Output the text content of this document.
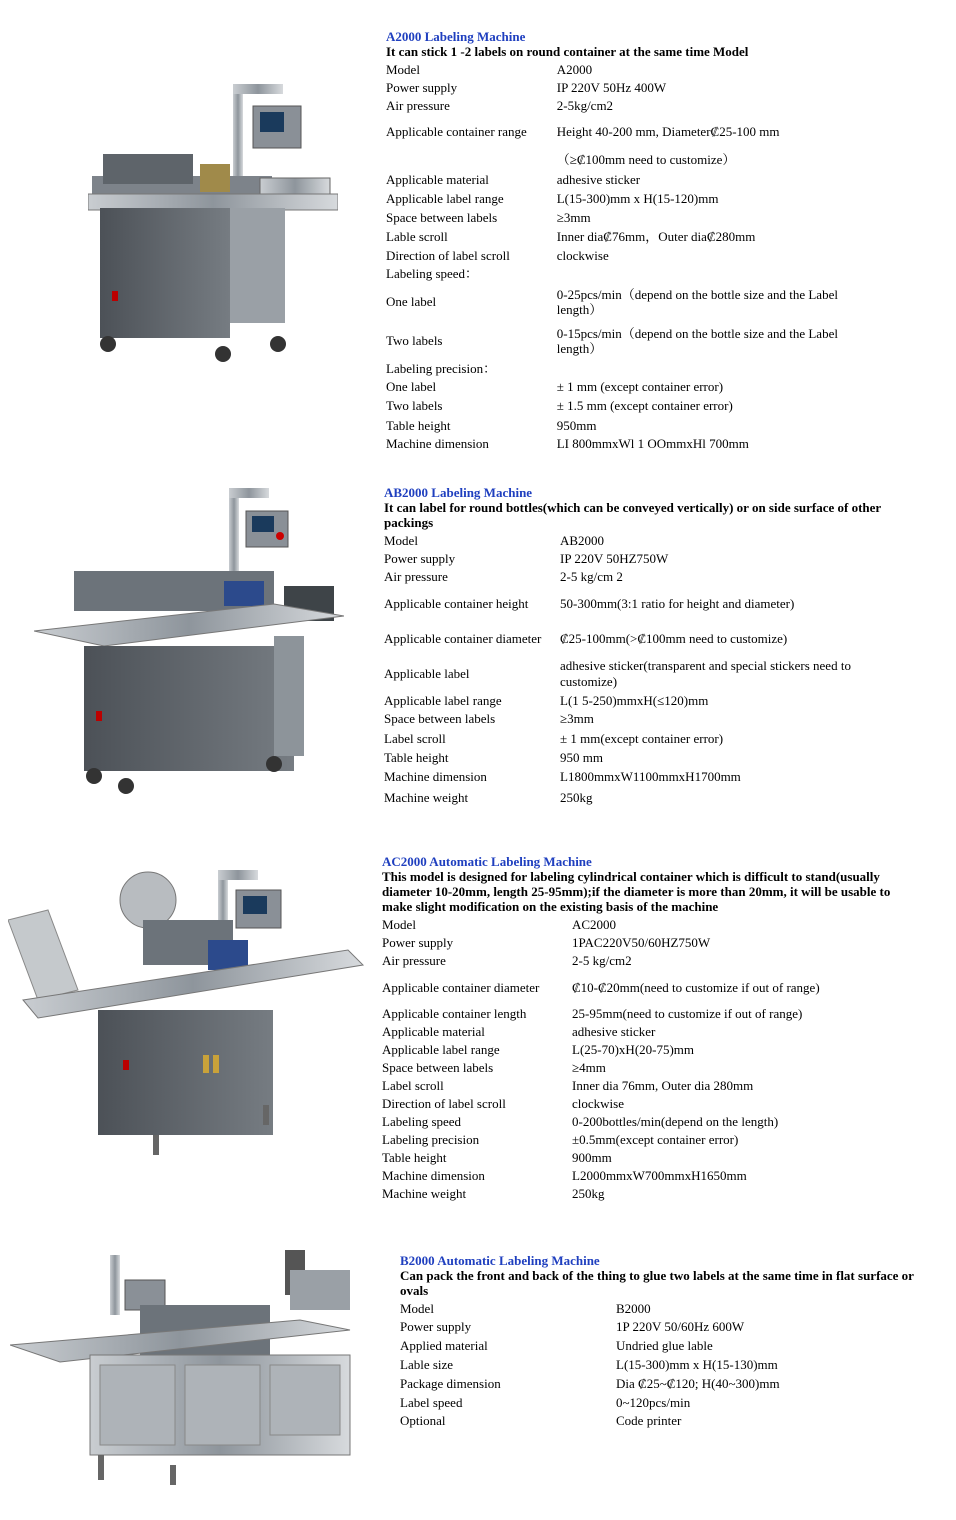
A2000 Labeling Machine
It can stick 1 -2 labels on round container at the same time Model
Model	A2000
Power supply	IP 220V 50Hz 400W
Air pressure	2-5kg/cm2
Applicable container range	Height 40-200 mm, Diameter₡25-100 mm
	（≥₡100mm need to customize）
Applicable material	adhesive sticker
Applicable label range	L(15-300)mm x H(15-120)mm
Space between labels	≥3mm
Lable scroll	Inner dia₡76mm，Outer dia₡280mm
Direction of label scroll	clockwise
Labeling speed：	
One label	0-25pcs/min（depend on the bottle size and the Label length）
Two labels	0-15pcs/min（depend on the bottle size and the Label length）
Labeling precision：	
One label	± 1 mm (except container error)
Two labels	± 1.5 mm (except container error)
Table height	950mm
Machine dimension	LI 800mmxWl 1 OOmmxHl 700mm
AB2000 Labeling Machine
It can label for round bottles(which can be conveyed vertically) or on side surface of other packings
Model	AB2000
Power supply	IP 220V 50HZ750W
Air pressure	2-5 kg/cm 2
Applicable container height	50-300mm(3:1 ratio for height and diameter)
Applicable container diameter	₡25-100mm(>₡100mm need to customize)
Applicable label	adhesive sticker(transparent and special stickers need to customize)
Applicable label range	L(1 5-250)mmxH(≤120)mm
Space between labels	≥3mm
Label scroll	± 1 mm(except container error)
Table height	950 mm
Machine dimension	L1800mmxW1100mmxH1700mm
Machine weight	250kg
AC2000 Automatic Labeling Machine
This model is designed for labeling cylindrical container which is difficult to stand(usually diameter 10-20mm, length 25-95mm);if the diameter is more than 20mm, it will be usable to make slight modification on the existing basis of the machine
Model	AC2000
Power supply	1PAC220V50/60HZ750W
Air pressure	2-5 kg/cm2
Applicable container diameter	₡10-₡20mm(need to customize if out of range)
Applicable container length	25-95mm(need to customize if out of range)
Applicable material	adhesive sticker
Applicable label range	L(25-70)xH(20-75)mm
Space between labels	≥4mm
Label scroll	Inner dia 76mm, Outer dia 280mm
Direction of label scroll	clockwise
Labeling speed	0-200bottles/min(depend on the length)
Labeling precision	±0.5mm(except container error)
Table height	900mm
Machine dimension	L2000mmxW700mmxH1650mm
Machine weight	250kg
B2000 Automatic Labeling Machine
Can pack the front and back of the thing to glue two labels at the same time in flat surface or ovals
Model	B2000
Power supply	1P 220V 50/60Hz 600W
Applied material	Undried glue lable
Lable size	L(15-300)mm x H(15-130)mm
Package dimension	Dia ₡25~₡120; H(40~300)mm
Label speed	0~120pcs/min
Optional	Code printer
